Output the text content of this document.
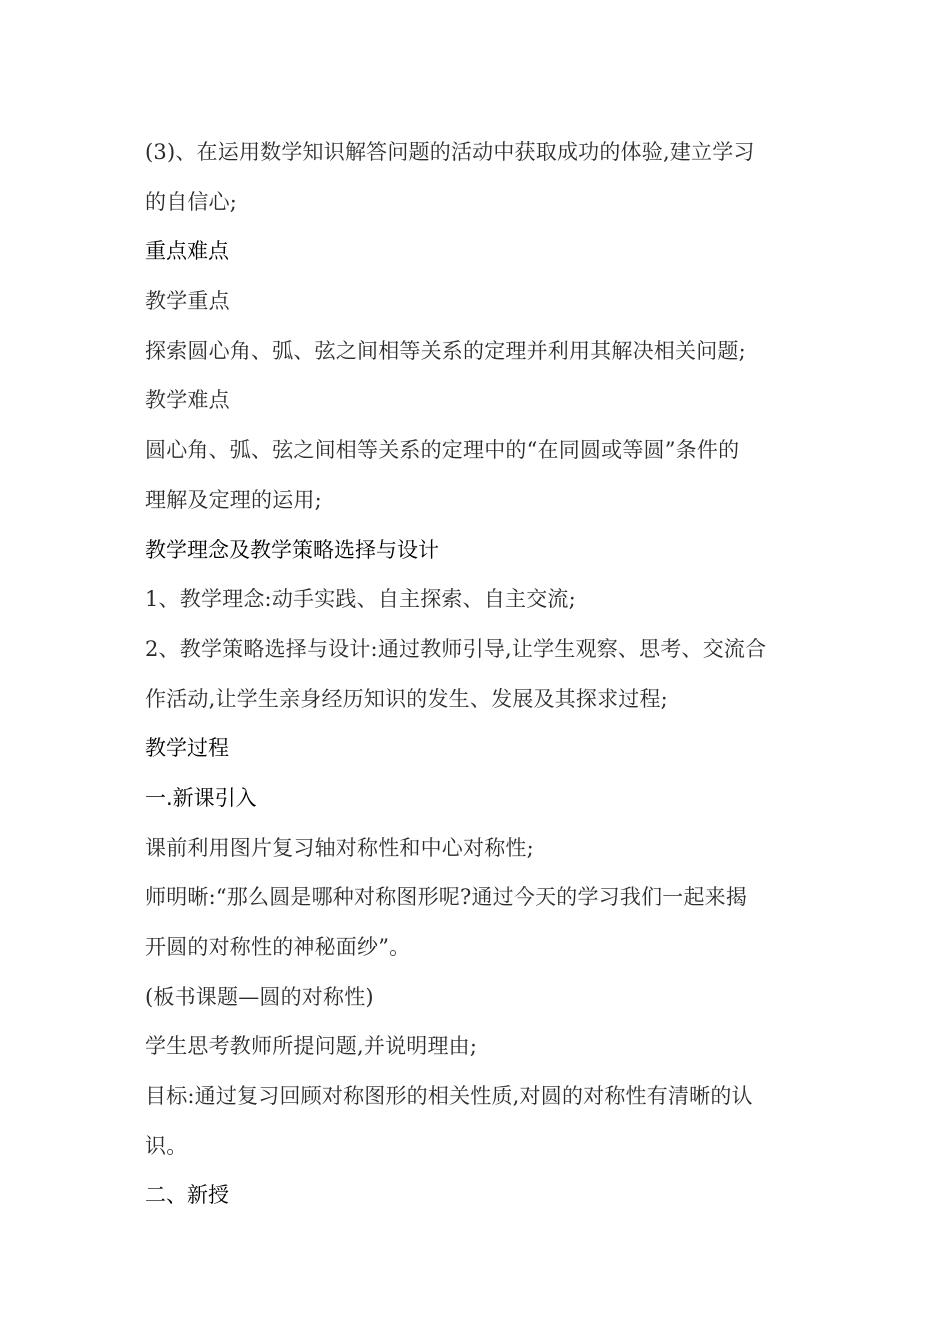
(3)、在运用数学知识解答问题的活动中获取成功的体验,建立学习
的自信心;
重点难点
教学重点
探索圆心角、弧、弦之间相等关系的定理并利用其解决相关问题;
教学难点
圆心角、弧、弦之间相等关系的定理中的“在同圆或等圆”条件的
理解及定理的运用;
教学理念及教学策略选择与设计
1、教学理念:动手实践、自主探索、自主交流;
2、教学策略选择与设计:通过教师引导,让学生观察、思考、交流合
作活动,让学生亲身经历知识的发生、发展及其探求过程;
教学过程
一.新课引入
课前利用图片复习轴对称性和中心对称性;
师明晰:“那么圆是哪种对称图形呢?通过今天的学习我们一起来揭
开圆的对称性的神秘面纱”。
(板书课题—圆的对称性)
学生思考教师所提问题,并说明理由;
目标:通过复习回顾对称图形的相关性质,对圆的对称性有清晰的认
识。
二、新授
